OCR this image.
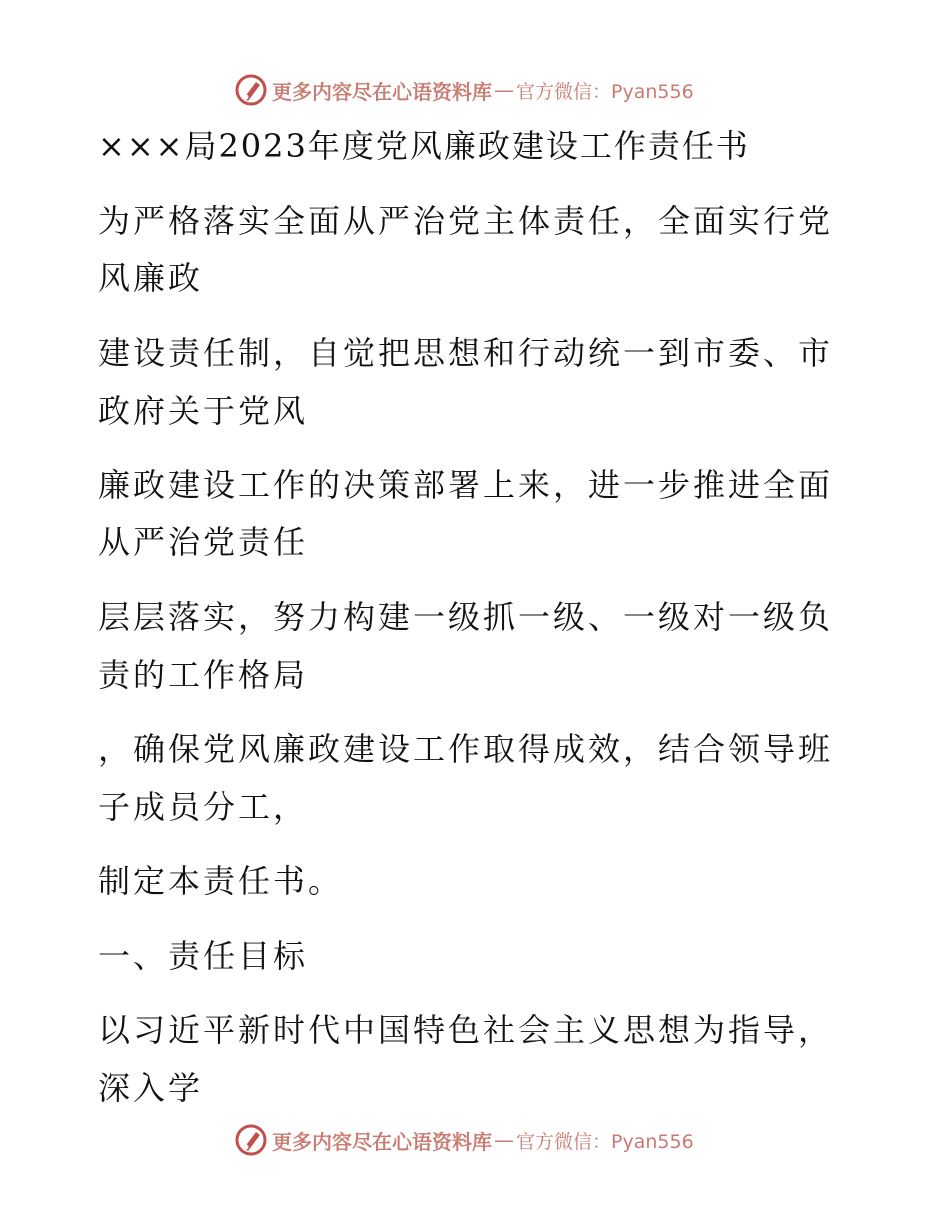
更多内容尽在心语资料库 — 官方微信：Pyan556
×××局2023年度党风廉政建设工作责任书
为严格落实全面从严治党主体责任，全面实行党
风廉政
建设责任制，自觉把思想和行动统一到市委、市
政府关于党风
廉政建设工作的决策部署上来，进一步推进全面
从严治党责任
层层落实，努力构建一级抓一级、一级对一级负
责的工作格局
，确保党风廉政建设工作取得成效，结合领导班
子成员分工，
制定本责任书。
一、责任目标
以习近平新时代中国特色社会主义思想为指导，
深入学
更多内容尽在心语资料库 — 官方微信：Pyan556
